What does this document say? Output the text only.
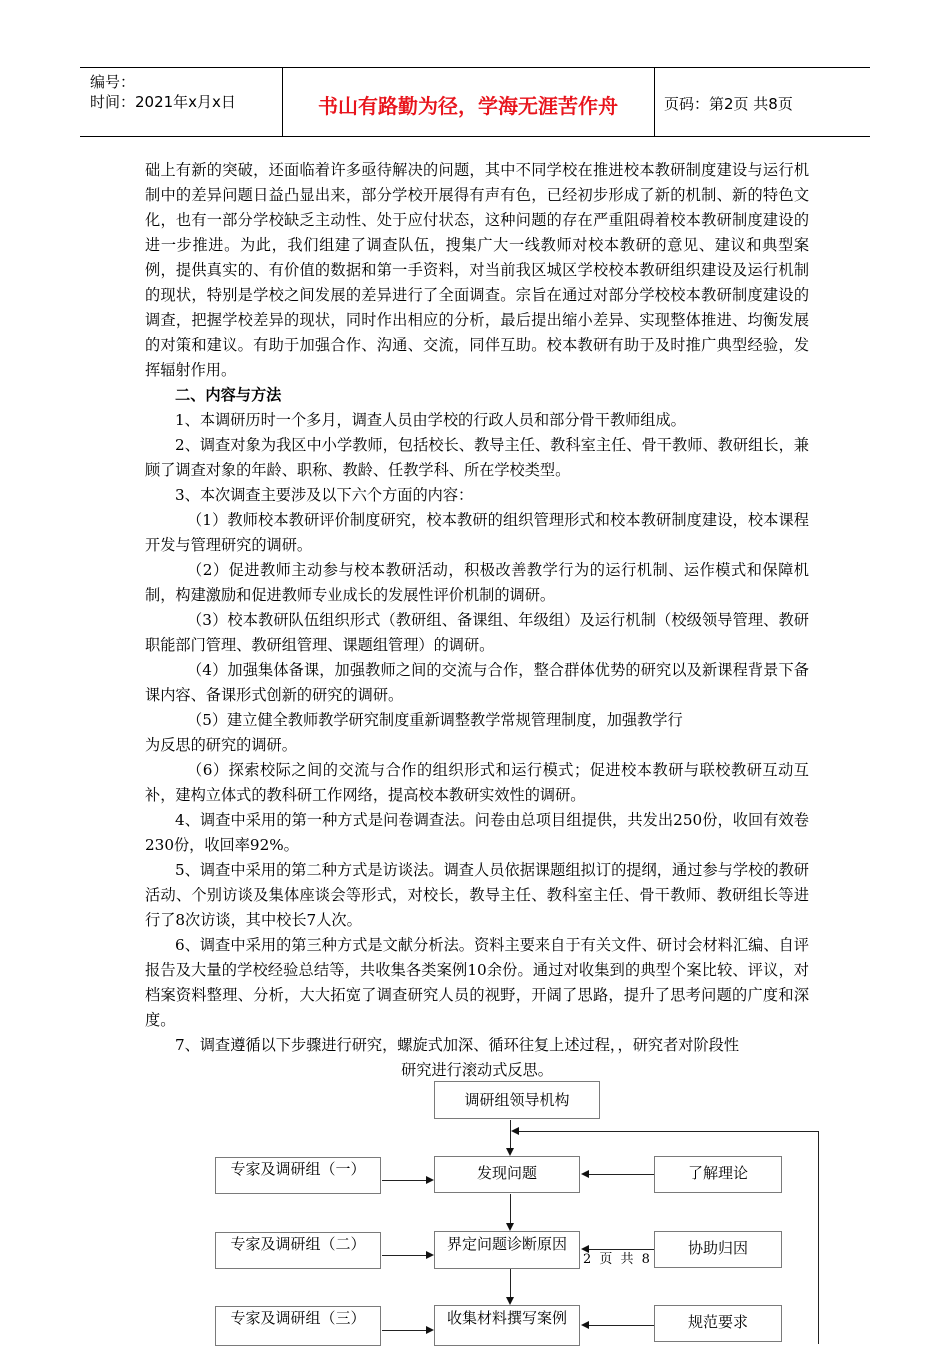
编号：
时间：2021年x月x日	书山有路勤为径，学海无涯苦作舟	页码：第2页 共8页

础上有新的突破，还面临着许多亟待解决的问题，其中不同学校在推进校本教研制度建设与运行机制中的差异问题日益凸显出来，部分学校开展得有声有色，已经初步形成了新的机制、新的特色文化，也有一部分学校缺乏主动性、处于应付状态，这种问题的存在严重阻碍着校本教研制度建设的进一步推进。为此，我们组建了调查队伍，搜集广大一线教师对校本教研的意见、建议和典型案例，提供真实的、有价值的数据和第一手资料，对当前我区城区学校校本教研组织建设及运行机制的现状，特别是学校之间发展的差异进行了全面调查。宗旨在通过对部分学校校本教研制度建设的调查，把握学校差异的现状，同时作出相应的分析，最后提出缩小差异、实现整体推进、均衡发展的对策和建议。有助于加强合作、沟通、交流，同伴互助。校本教研有助于及时推广典型经验，发挥辐射作用。

二、内容与方法

1、本调研历时一个多月，调查人员由学校的行政人员和部分骨干教师组成。

2、调查对象为我区中小学教师，包括校长、教导主任、教科室主任、骨干教师、教研组长，兼顾了调查对象的年龄、职称、教龄、任教学科、所在学校类型。

3、本次调查主要涉及以下六个方面的内容：

（1）教师校本教研评价制度研究，校本教研的组织管理形式和校本教研制度建设，校本课程开发与管理研究的调研。

（2）促进教师主动参与校本教研活动，积极改善教学行为的运行机制、运作模式和保障机制，构建激励和促进教师专业成长的发展性评价机制的调研。

（3）校本教研队伍组织形式（教研组、备课组、年级组）及运行机制（校级领导管理、教研职能部门管理、教研组管理、课题组管理）的调研。

（4）加强集体备课，加强教师之间的交流与合作，整合群体优势的研究以及新课程背景下备课内容、备课形式创新的研究的调研。

（5）建立健全教师教学研究制度重新调整教学常规管理制度，加强教学行

为反思的研究的调研。

（6）探索校际之间的交流与合作的组织形式和运行模式；促进校本教研与联校教研互动互补，建构立体式的教科研工作网络，提高校本教研实效性的调研。

4、调查中采用的第一种方式是问卷调查法。问卷由总项目组提供，共发出250份，收回有效卷230份，收回率92%。

5、调查中采用的第二种方式是访谈法。调查人员依据课题组拟订的提纲，通过参与学校的教研活动、个别访谈及集体座谈会等形式，对校长，教导主任、教科室主任、骨干教师、教研组长等进行了8次访谈，其中校长7人次。

6、调查中采用的第三种方式是文献分析法。资料主要来自于有关文件、研讨会材料汇编、自评报告及大量的学校经验总结等，共收集各类案例10余份。通过对收集到的典型个案比较、评议，对档案资料整理、分析，大大拓宽了调查研究人员的视野，开阔了思路，提升了思考问题的广度和深度。

7、调查遵循以下步骤进行研究，螺旋式加深、循环往复上述过程，，研究者对阶段性

研究进行滚动式反思。

调研组领导机构
专家及调研组（一）	发现问题	了解理论
专家及调研组（二）	界定问题诊断原因	协助归因
专家及调研组（三）	收集材料撰写案例	规范要求
2 页 共 8
